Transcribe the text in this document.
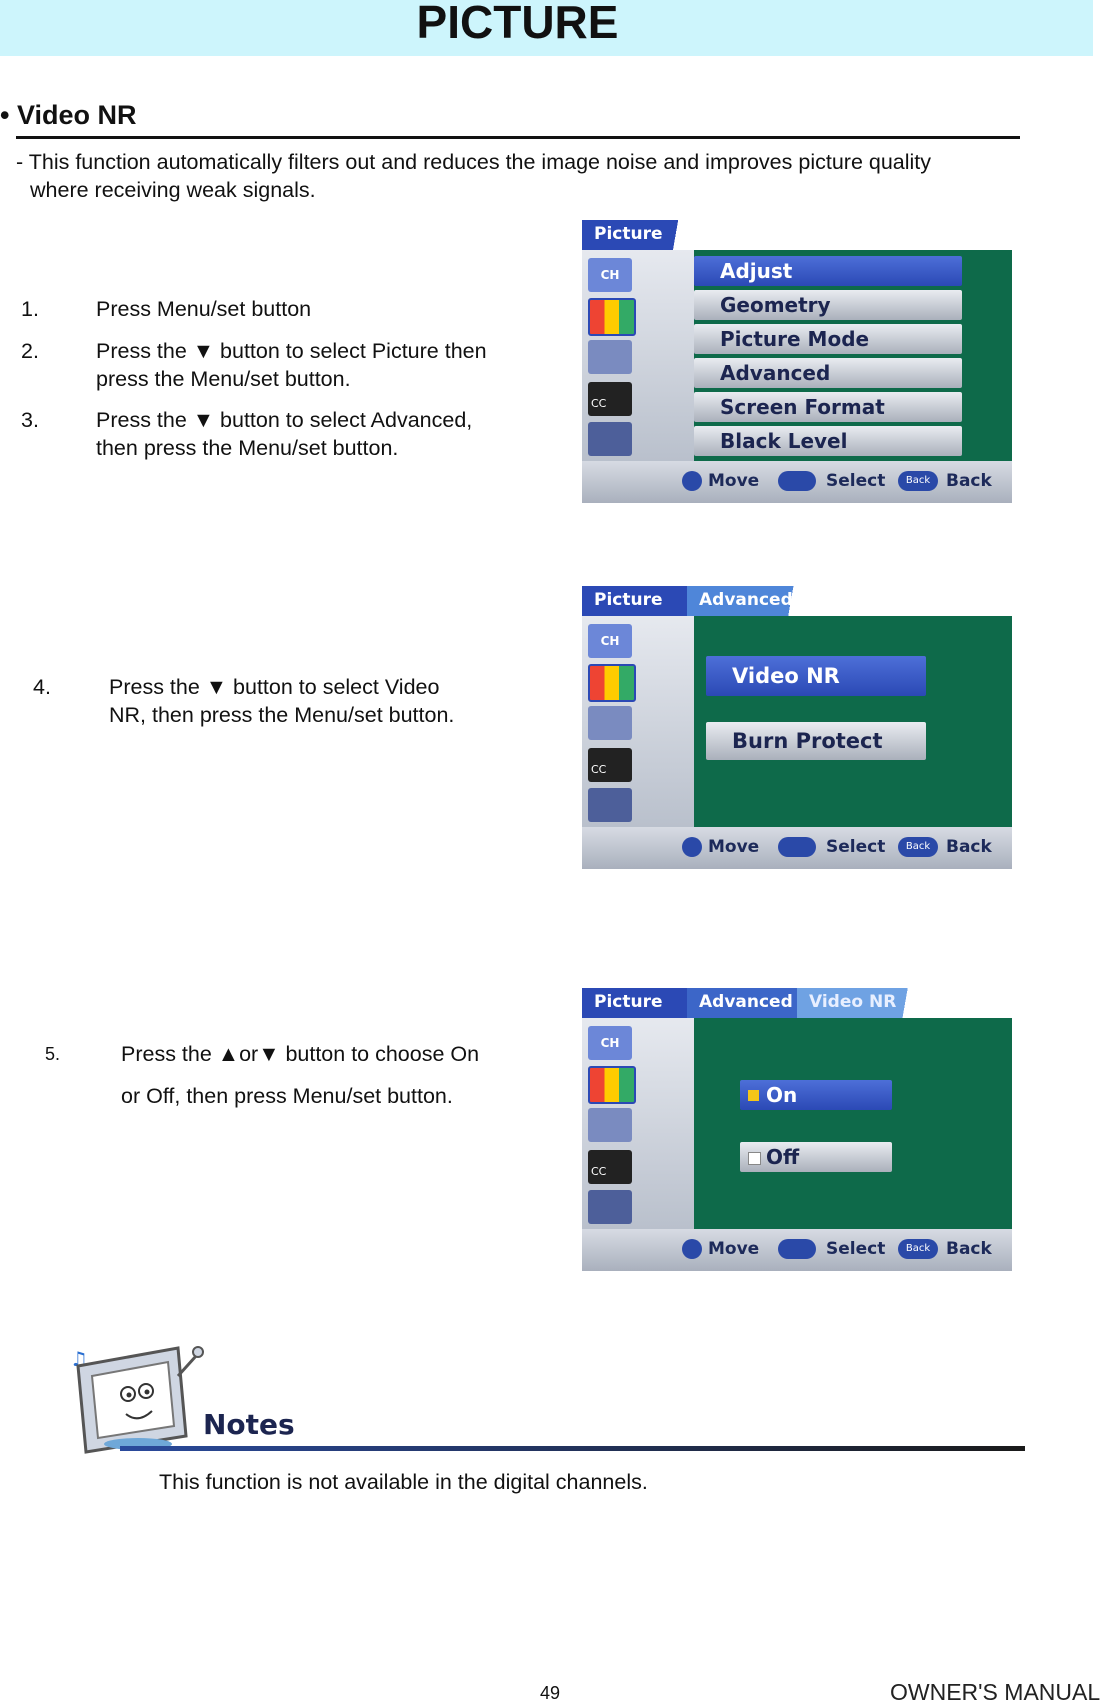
PICTURE
• Video NR
- This function automatically filters out and reduces the image noise and improves picture quality
where receiving weak signals.
1.	Press Menu/set button
2.	Press the ▼ button to select Picture then
press the Menu/set button.
3.	Press the ▼ button to select Advanced,
then press the Menu/set button.
4.	Press the ▼ button to select Video
NR, then press the Menu/set button.
5.	Press the ▲or▼ button to choose On
or Off, then press Menu/set button.
Picture
CH
CC
Adjust
Geometry
Picture Mode
Advanced
Screen Format
Black Level
Move	Select	Back Back
Picture	Advanced
CH
CC
Video NR
Burn Protect
Move	Select	Back Back
Picture	Advanced Video NR
CH
CC
On
Off
Move	Select	Back Back
♫
Notes
This function is not available in the digital channels.
49	OWNER'S MANUAL
